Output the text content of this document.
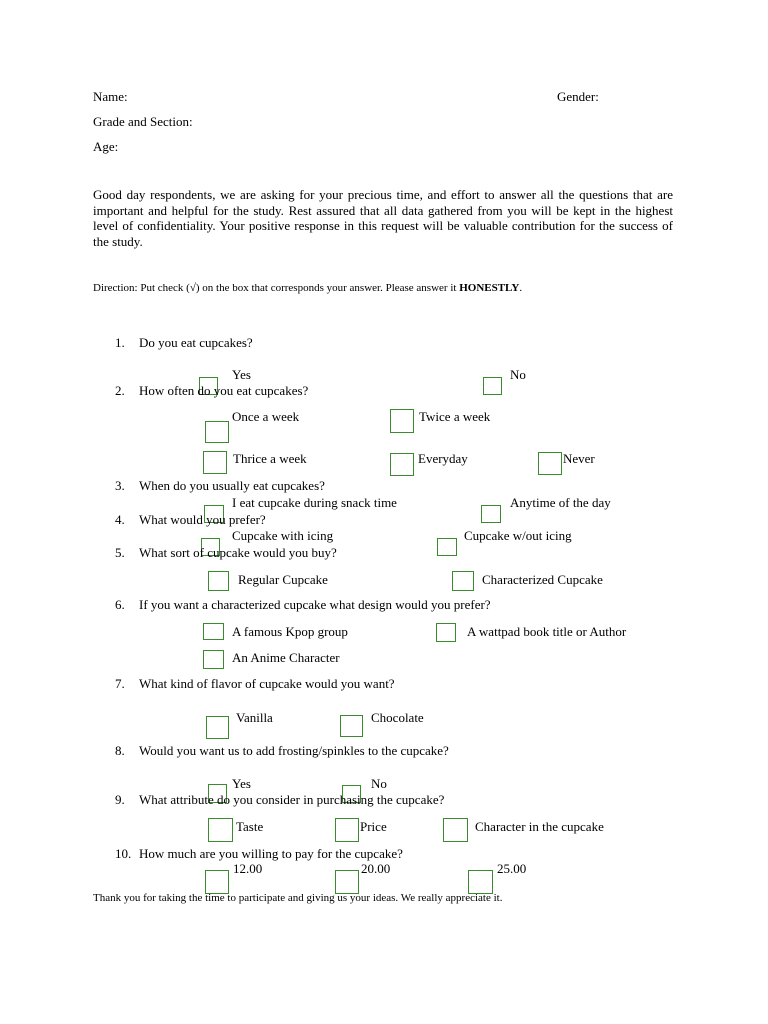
Name:	Gender:
Grade and Section:
Age:
Good day respondents, we are asking for your precious time, and effort to answer all the questions that are important and helpful for the study. Rest assured that all data gathered from you will be kept in the highest level of confidentiality. Your positive response in this request will be valuable contribution for the success of the study.
Direction: Put check (√) on the box that corresponds your answer. Please answer it HONESTLY.
1. Do you eat cupcakes?
Yes	No
2. How often do you eat cupcakes?
Once a week	Twice a week
Thrice a week	Everyday	Never
3. When do you usually eat cupcakes?
I eat cupcake during snack time	Anytime of the day
4. What would you prefer?
Cupcake with icing	Cupcake w/out icing
5. What sort of cupcake would you buy?
Regular Cupcake	Characterized Cupcake
6. If you want a characterized cupcake what design would you prefer?
A famous Kpop group	A wattpad book title or Author
An Anime Character
7. What kind of flavor of cupcake would you want?
Vanilla	Chocolate
8. Would you want us to add frosting/spinkles to the cupcake?
Yes	No
9. What attribute do you consider in purchasing the cupcake?
Taste	Price	Character in the cupcake
10. How much are you willing to pay for the cupcake?
12.00	20.00	25.00
Thank you for taking the time to participate and giving us your ideas. We really appreciate it.
